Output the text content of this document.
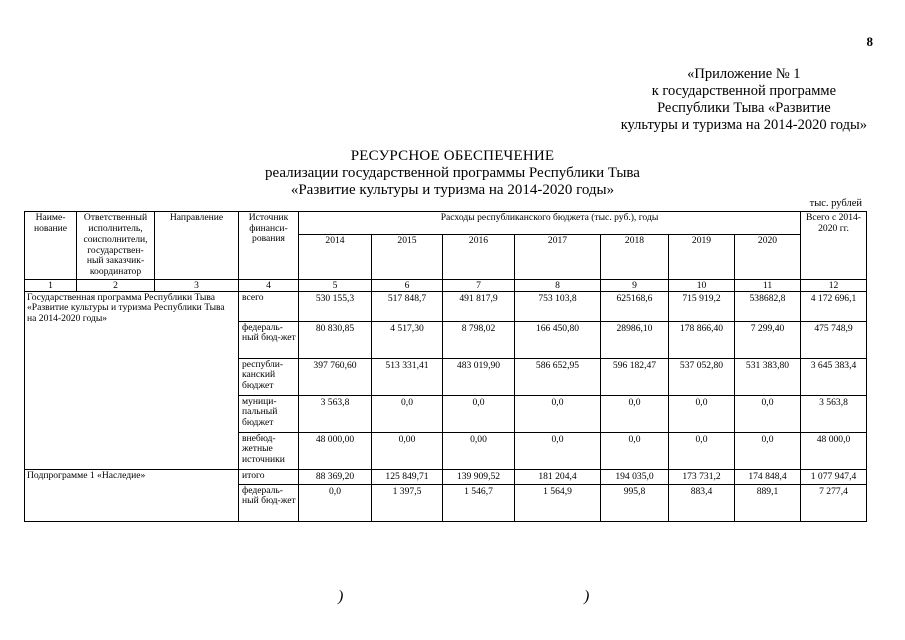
8
«Приложение № 1
к государственной программе
Республики Тыва «Развитие
культуры и туризма на 2014-2020 годы»
РЕСУРСНОЕ ОБЕСПЕЧЕНИЕ
реализации государственной программы Республики Тыва
«Развитие культуры и туризма на 2014-2020 годы»
тыс. рублей
Наиме-нование	Ответственный исполнитель,	Направление	Источник финанси-рования	Расходы республиканского бюджета (тыс. руб.), годы							Всего с 2014-2020 гг.
	соисполнители, государствен-ный заказчик-координатор			2014	2015	2016	2017	2018	2019	2020	

1	2	3	4	5	6	7	8	9	10	11	12
Государственная программа Республики Тыва «Развитие культуры и туризма Республики Тыва на 2014-2020 годы»			всего	530 155,3	517 848,7	491 817,9	753 103,8	625168,6	715 919,2	538682,8	4 172 696,1
			федераль-ный бюд-жет	80 830,85	4 517,30	8 798,02	166 450,80	28986,10	178 866,40	7 299,40	475 748,9
			республи-канский бюджет	397 760,60	513 331,41	483 019,90	586 652,95	596 182,47	537 052,80	531 383,80	3 645 383,4
			муници-пальный бюджет	3 563,8	0,0	0,0	0,0	0,0	0,0	0,0	3 563,8
			внебюд-жетные источники	48 000,00	0,00	0,00	0,0	0,0	0,0	0,0	48 000,0
Подпрограмме 1 «Наследие»			итого	88 369,20	125 849,71	139 909,52	181 204,4	194 035,0	173 731,2	174 848,4	1 077 947,4
			федераль-ный бюд-жет	0,0	1 397,5	1 546,7	1 564,9	995,8	883,4	889,1	7 277,4
)	)
